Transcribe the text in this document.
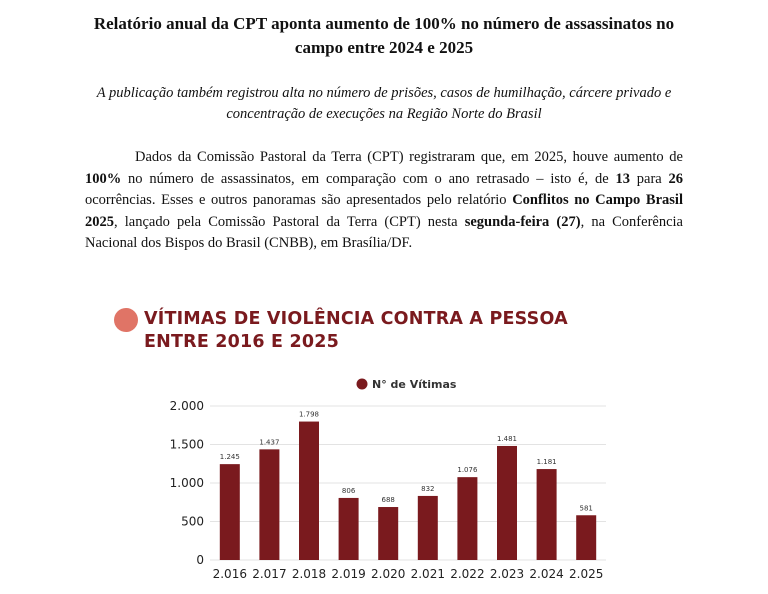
Relatório anual da CPT aponta aumento de 100% no número de assassinatos no campo entre 2024 e 2025

A publicação também registrou alta no número de prisões, casos de humilhação, cárcere privado e concentração de execuções na Região Norte do Brasil

Dados da Comissão Pastoral da Terra (CPT) registraram que, em 2025, houve aumento de 100% no número de assassinatos, em comparação com o ano retrasado – isto é, de 13 para 26 ocorrências. Esses e outros panoramas são apresentados pelo relatório Conflitos no Campo Brasil 2025, lançado pela Comissão Pastoral da Terra (CPT) nesta segunda-feira (27), na Conferência Nacional dos Bispos do Brasil (CNBB), em Brasília/DF.

VÍTIMAS DE VIOLÊNCIA CONTRA A PESSOA ENTRE 2016 E 2025
N° de Vítimas
0
500
1.000
1.500
2.000
1.245
2.016
1.437
2.017
1.798
2.018
806
2.019
688
2.020
832
2.021
1.076
2.022
1.481
2.023
1.181
2.024
581
2.025
